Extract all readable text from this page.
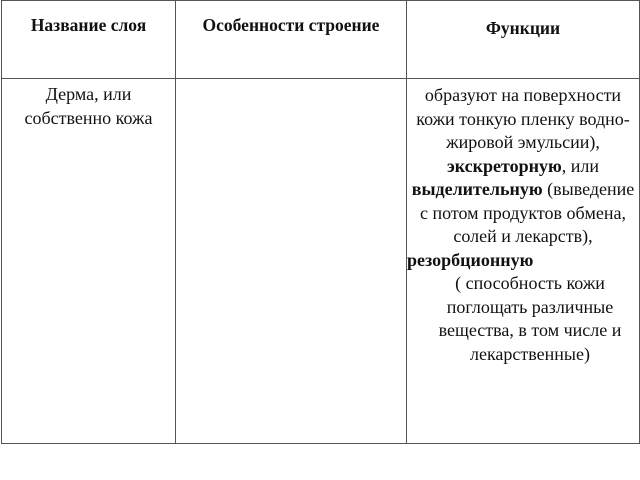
Название слоя	Особенности строение	Функции

Дерма, или собственно кожа		образуют на поверхности кожи тонкую пленку водно-жировой эмульсии), экскреторную, или выделительную (выведение с потом продуктов обмена, солей и лекарств),
резорбционную
( способность кожи поглощать различные вещества, в том числе и лекарственные)
